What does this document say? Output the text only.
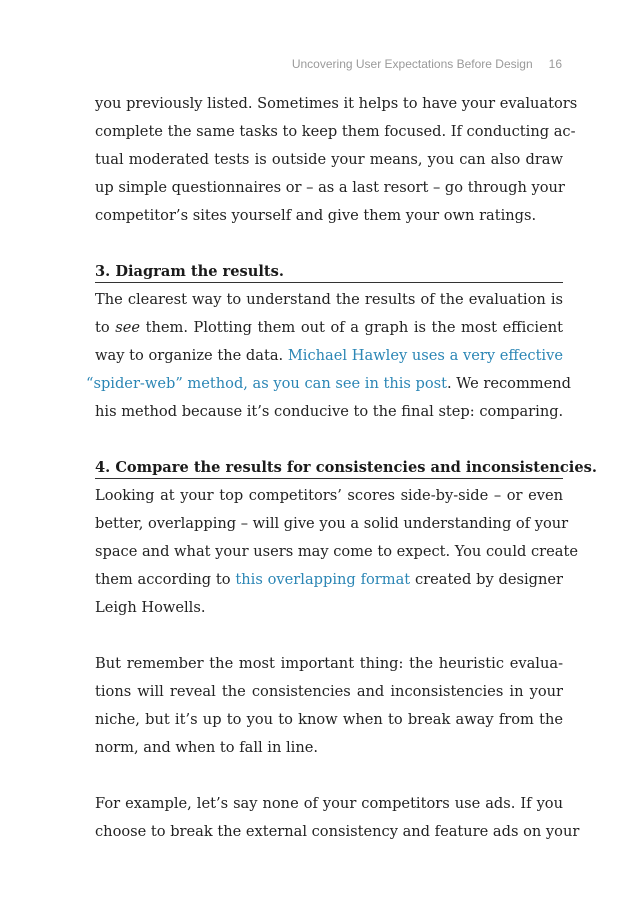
Uncovering User Expectations Before Design 16
you previously listed. Sometimes it helps to have your evaluators
complete the same tasks to keep them focused. If conducting ac-
tual moderated tests is outside your means, you can also draw
up simple questionnaires or – as a last resort – go through your
competitor’s sites yourself and give them your own ratings.
3. Diagram the results.
The clearest way to understand the results of the evaluation is
to see them. Plotting them out of a graph is the most efficient
way to organize the data. Michael Hawley uses a very effective
“spider-web” method, as you can see in this post. We recommend
his method because it’s conducive to the final step: comparing.
4. Compare the results for consistencies and inconsistencies.
Looking at your top competitors’ scores side-by-side – or even
better, overlapping – will give you a solid understanding of your
space and what your users may come to expect. You could create
them according to this overlapping format created by designer
Leigh Howells.
But remember the most important thing: the heuristic evalua-
tions will reveal the consistencies and inconsistencies in your
niche, but it’s up to you to know when to break away from the
norm, and when to fall in line.
For example, let’s say none of your competitors use ads. If you
choose to break the external consistency and feature ads on your
